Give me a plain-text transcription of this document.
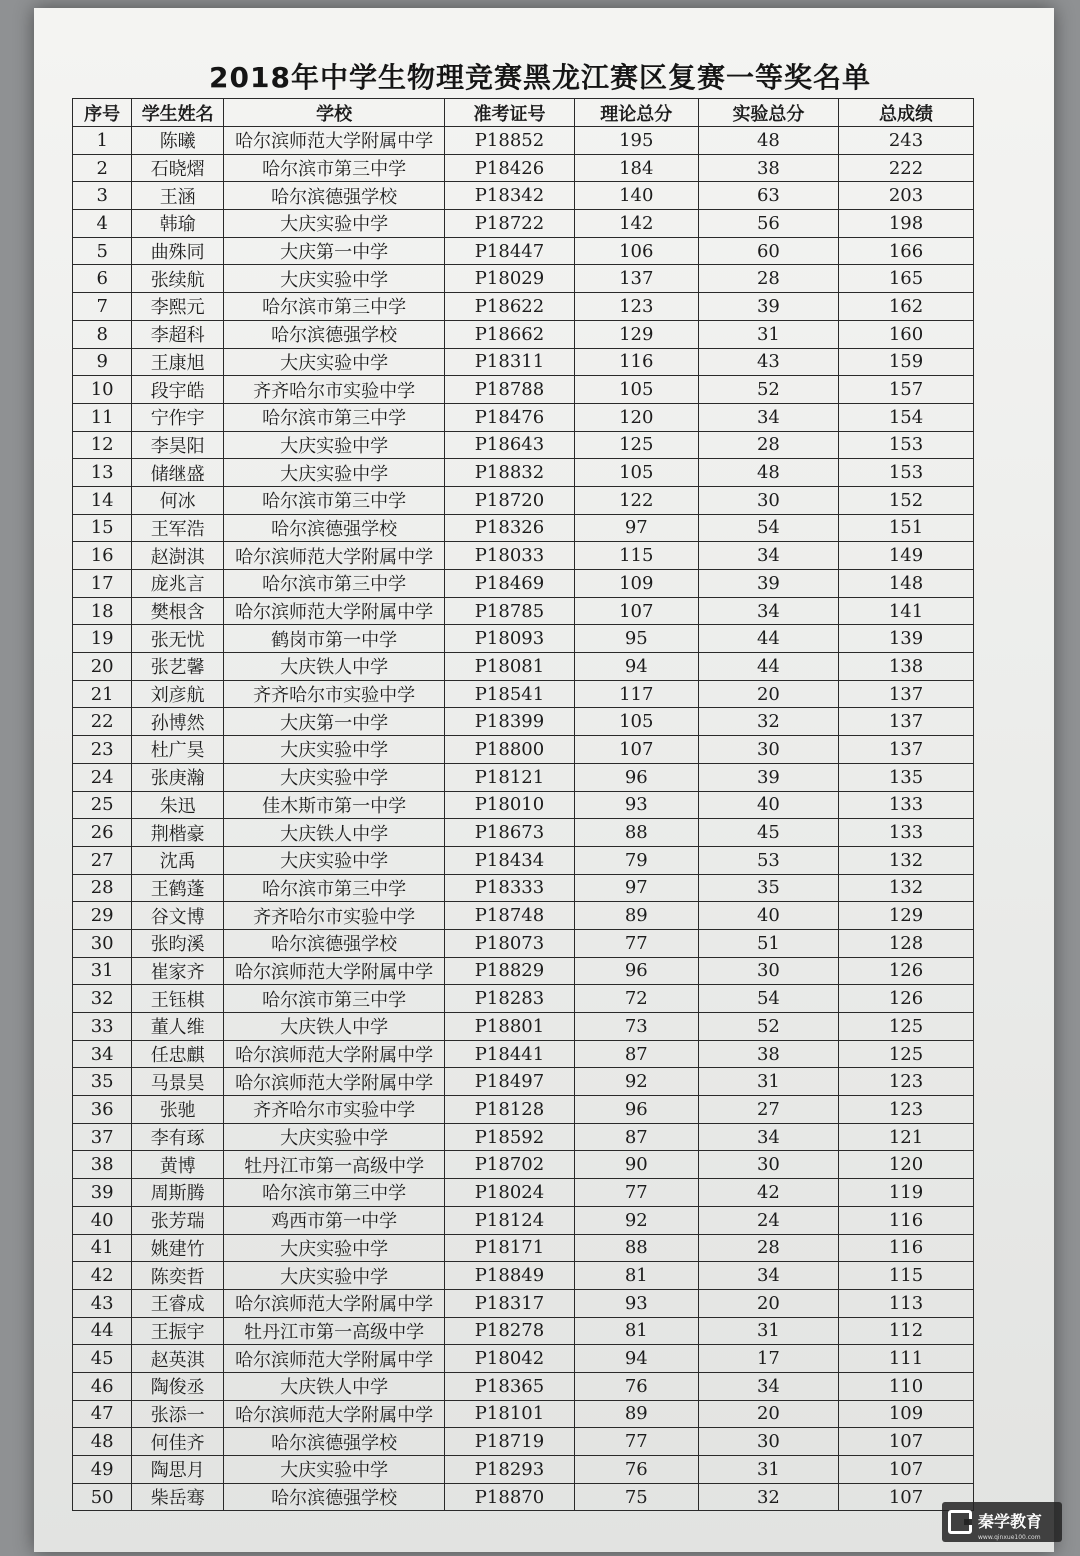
2018年中学生物理竞赛黑龙江赛区复赛一等奖名单
序号	学生姓名	学校	准考证号	理论总分	实验总分	总成绩
1	陈曦	哈尔滨师范大学附属中学	P18852	195	48	243
2	石晓熠	哈尔滨市第三中学	P18426	184	38	222
3	王涵	哈尔滨德强学校	P18342	140	63	203
4	韩瑜	大庆实验中学	P18722	142	56	198
5	曲殊同	大庆第一中学	P18447	106	60	166
6	张续航	大庆实验中学	P18029	137	28	165
7	李熙元	哈尔滨市第三中学	P18622	123	39	162
8	李超科	哈尔滨德强学校	P18662	129	31	160
9	王康旭	大庆实验中学	P18311	116	43	159
10	段宇皓	齐齐哈尔市实验中学	P18788	105	52	157
11	宁作宇	哈尔滨市第三中学	P18476	120	34	154
12	李昊阳	大庆实验中学	P18643	125	28	153
13	储继盛	大庆实验中学	P18832	105	48	153
14	何冰	哈尔滨市第三中学	P18720	122	30	152
15	王军浩	哈尔滨德强学校	P18326	97	54	151
16	赵澍淇	哈尔滨师范大学附属中学	P18033	115	34	149
17	庞兆言	哈尔滨市第三中学	P18469	109	39	148
18	樊根含	哈尔滨师范大学附属中学	P18785	107	34	141
19	张无忧	鹤岗市第一中学	P18093	95	44	139
20	张艺馨	大庆铁人中学	P18081	94	44	138
21	刘彦航	齐齐哈尔市实验中学	P18541	117	20	137
22	孙博然	大庆第一中学	P18399	105	32	137
23	杜广昊	大庆实验中学	P18800	107	30	137
24	张庚瀚	大庆实验中学	P18121	96	39	135
25	朱迅	佳木斯市第一中学	P18010	93	40	133
26	荆楷豪	大庆铁人中学	P18673	88	45	133
27	沈禹	大庆实验中学	P18434	79	53	132
28	王鹤蓬	哈尔滨市第三中学	P18333	97	35	132
29	谷文博	齐齐哈尔市实验中学	P18748	89	40	129
30	张昀溪	哈尔滨德强学校	P18073	77	51	128
31	崔家齐	哈尔滨师范大学附属中学	P18829	96	30	126
32	王钰棋	哈尔滨市第三中学	P18283	72	54	126
33	董人维	大庆铁人中学	P18801	73	52	125
34	任忠麒	哈尔滨师范大学附属中学	P18441	87	38	125
35	马景昊	哈尔滨师范大学附属中学	P18497	92	31	123
36	张驰	齐齐哈尔市实验中学	P18128	96	27	123
37	李有琢	大庆实验中学	P18592	87	34	121
38	黄博	牡丹江市第一高级中学	P18702	90	30	120
39	周斯腾	哈尔滨市第三中学	P18024	77	42	119
40	张芳瑞	鸡西市第一中学	P18124	92	24	116
41	姚建竹	大庆实验中学	P18171	88	28	116
42	陈奕哲	大庆实验中学	P18849	81	34	115
43	王睿成	哈尔滨师范大学附属中学	P18317	93	20	113
44	王振宇	牡丹江市第一高级中学	P18278	81	31	112
45	赵英淇	哈尔滨师范大学附属中学	P18042	94	17	111
46	陶俊丞	大庆铁人中学	P18365	76	34	110
47	张添一	哈尔滨师范大学附属中学	P18101	89	20	109
48	何佳齐	哈尔滨德强学校	P18719	77	30	107
49	陶思月	大庆实验中学	P18293	76	31	107
50	柴岳骞	哈尔滨德强学校	P18870	75	32	107
秦学教育
www.qinxue100.com
